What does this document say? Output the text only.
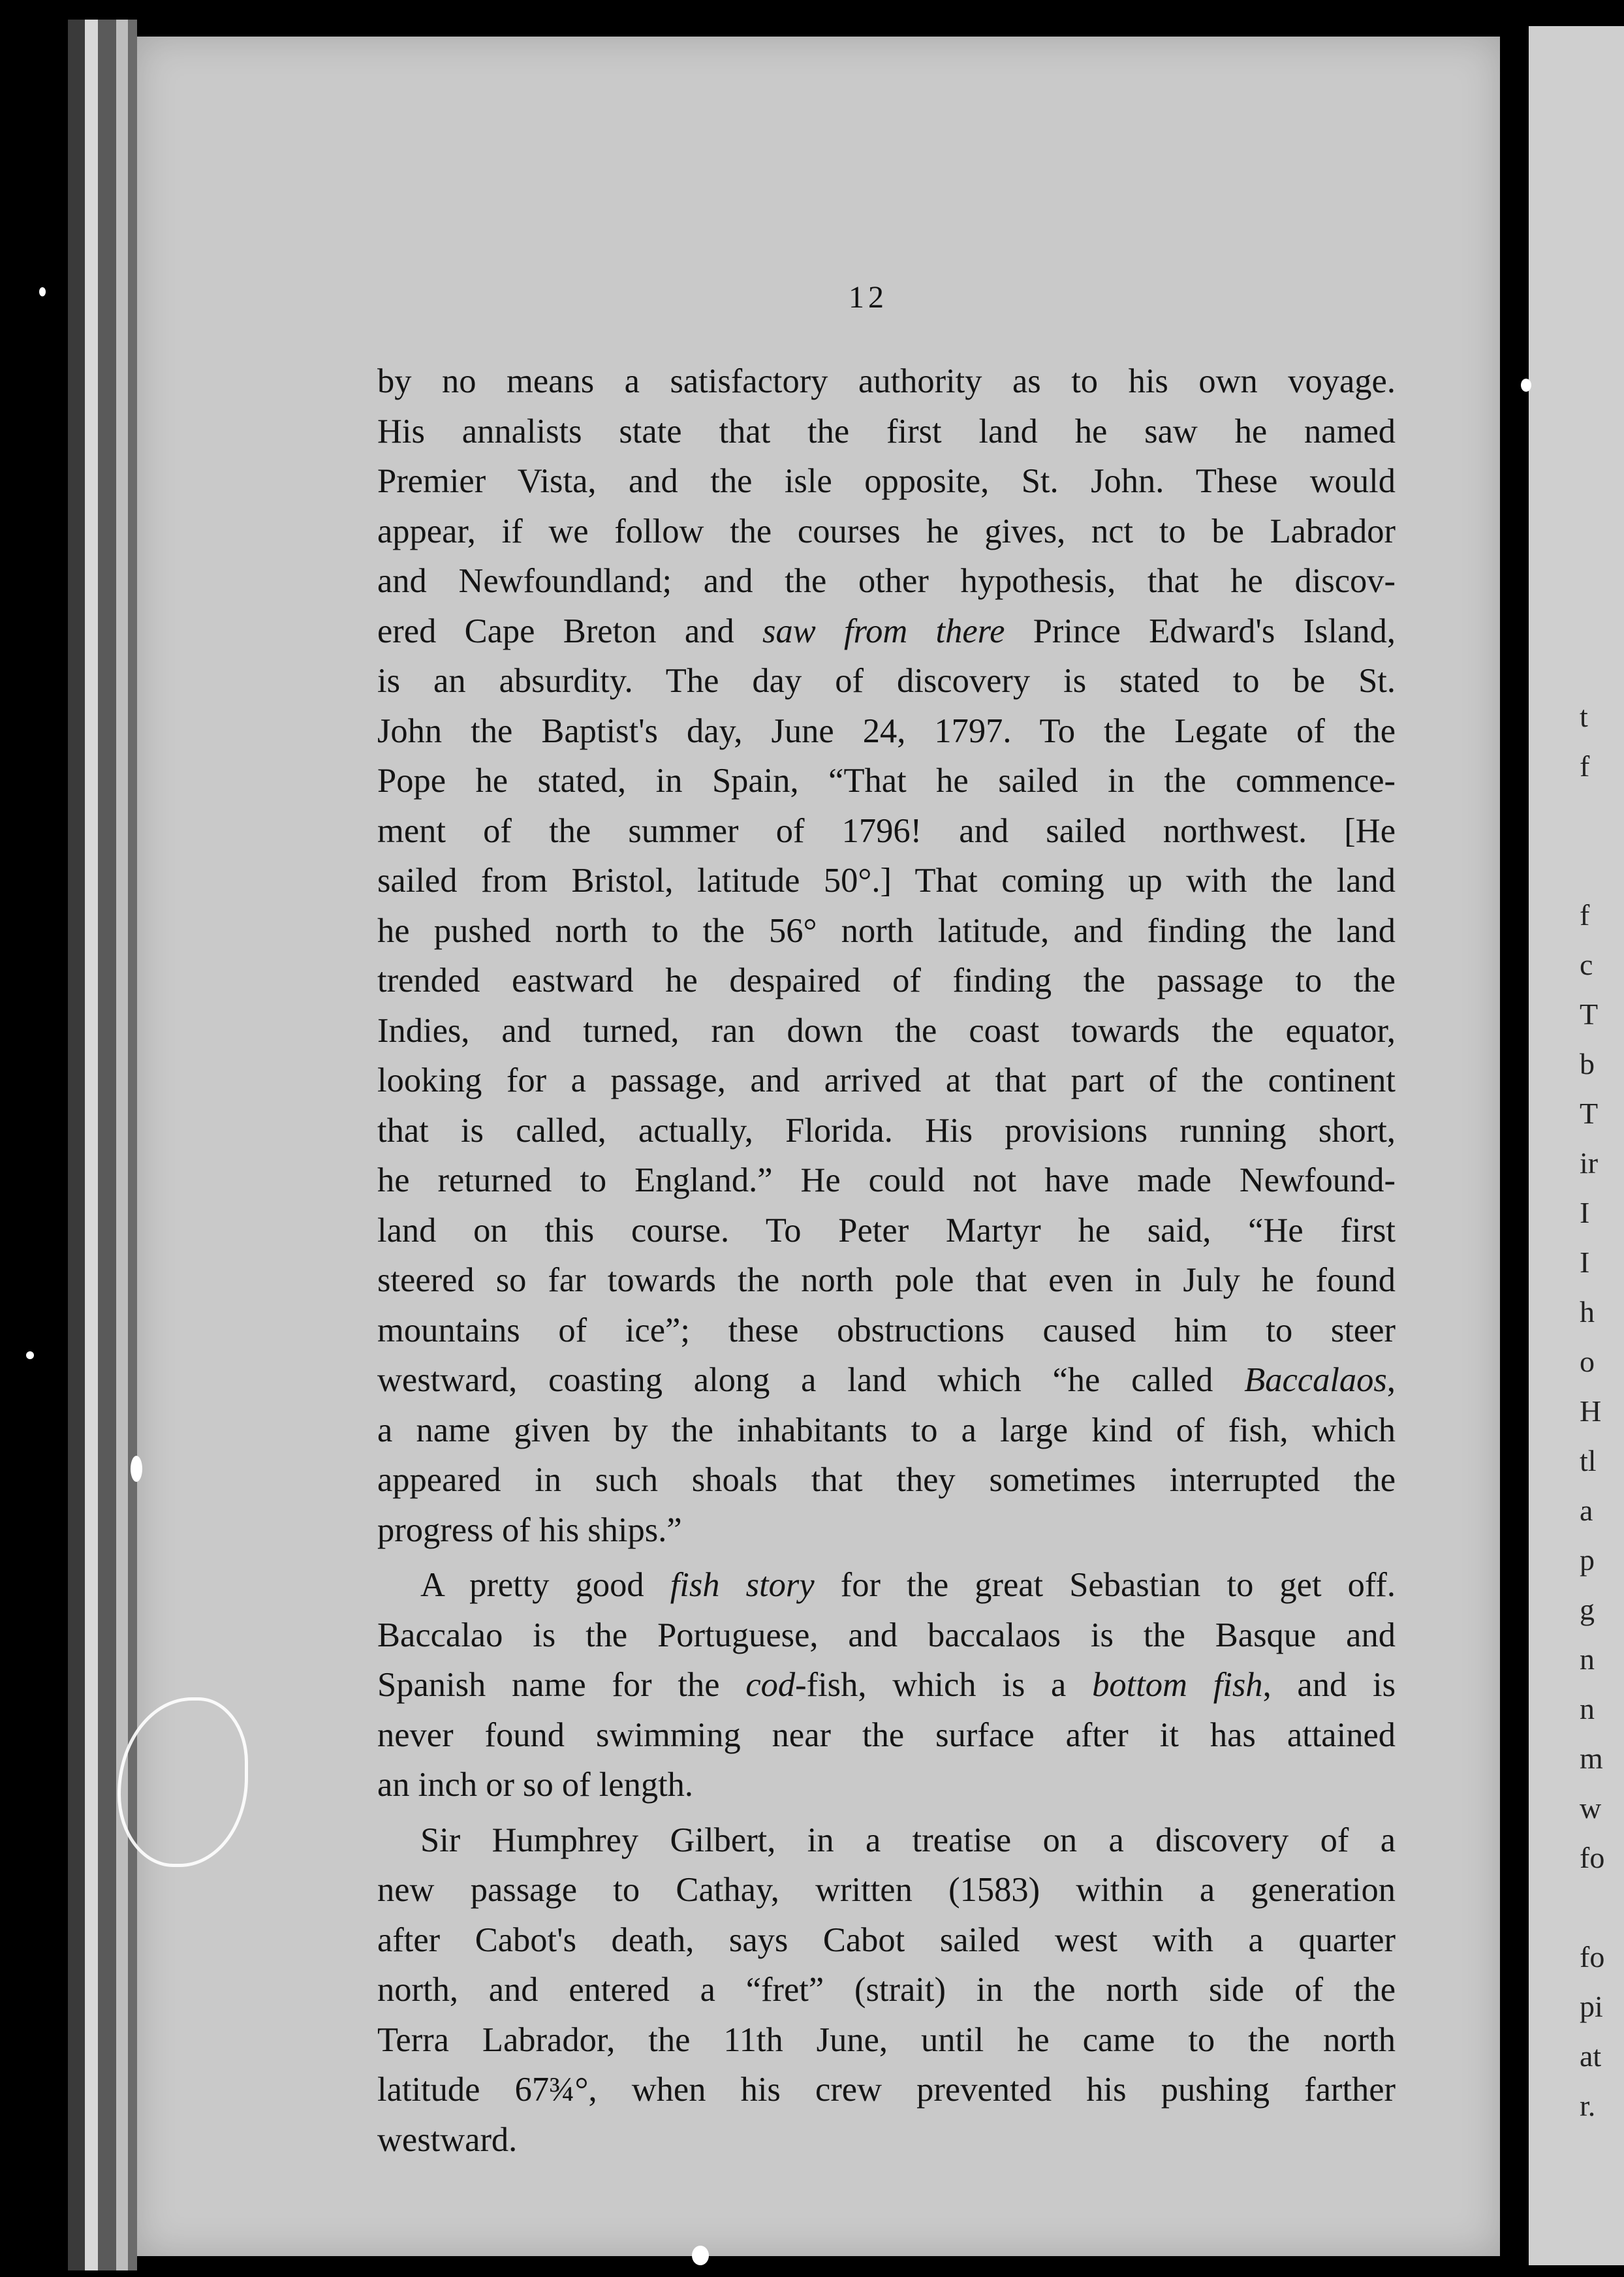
t
f
f
c
T
b
T
ir
I
I
h
o
H
tl
a
p
g
n
n
m
w
fo
fo
pi
at
r.
12
by no means a satisfactory authority as to his own voyage.
His annalists state that the first land he saw he named
Premier Vista, and the isle opposite, St. John. These would
appear, if we follow the courses he gives, nct to be Labrador
and Newfoundland; and the other hypothesis, that he discov-
ered Cape Breton and saw from there Prince Edward's Island,
is an absurdity. The day of discovery is stated to be St.
John the Baptist's day, June 24, 1797. To the Legate of the
Pope he stated, in Spain, “That he sailed in the commence-
ment of the summer of 1796! and sailed northwest. [He
sailed from Bristol, latitude 50°.] That coming up with the land
he pushed north to the 56° north latitude, and finding the land
trended eastward he despaired of finding the passage to the
Indies, and turned, ran down the coast towards the equator,
looking for a passage, and arrived at that part of the continent
that is called, actually, Florida. His provisions running short,
he returned to England.” He could not have made Newfound-
land on this course. To Peter Martyr he said, “He first
steered so far towards the north pole that even in July he found
mountains of ice”; these obstructions caused him to steer
westward, coasting along a land which “he called Baccalaos,
a name given by the inhabitants to a large kind of fish, which
appeared in such shoals that they sometimes interrupted the
progress of his ships.”
A pretty good fish story for the great Sebastian to get off.
Baccalao is the Portuguese, and baccalaos is the Basque and
Spanish name for the cod-fish, which is a bottom fish, and is
never found swimming near the surface after it has attained
an inch or so of length.
Sir Humphrey Gilbert, in a treatise on a discovery of a
new passage to Cathay, written (1583) within a generation
after Cabot's death, says Cabot sailed west with a quarter
north, and entered a “fret” (strait) in the north side of the
Terra Labrador, the 11th June, until he came to the north
latitude 67¾°, when his crew prevented his pushing farther
westward.
